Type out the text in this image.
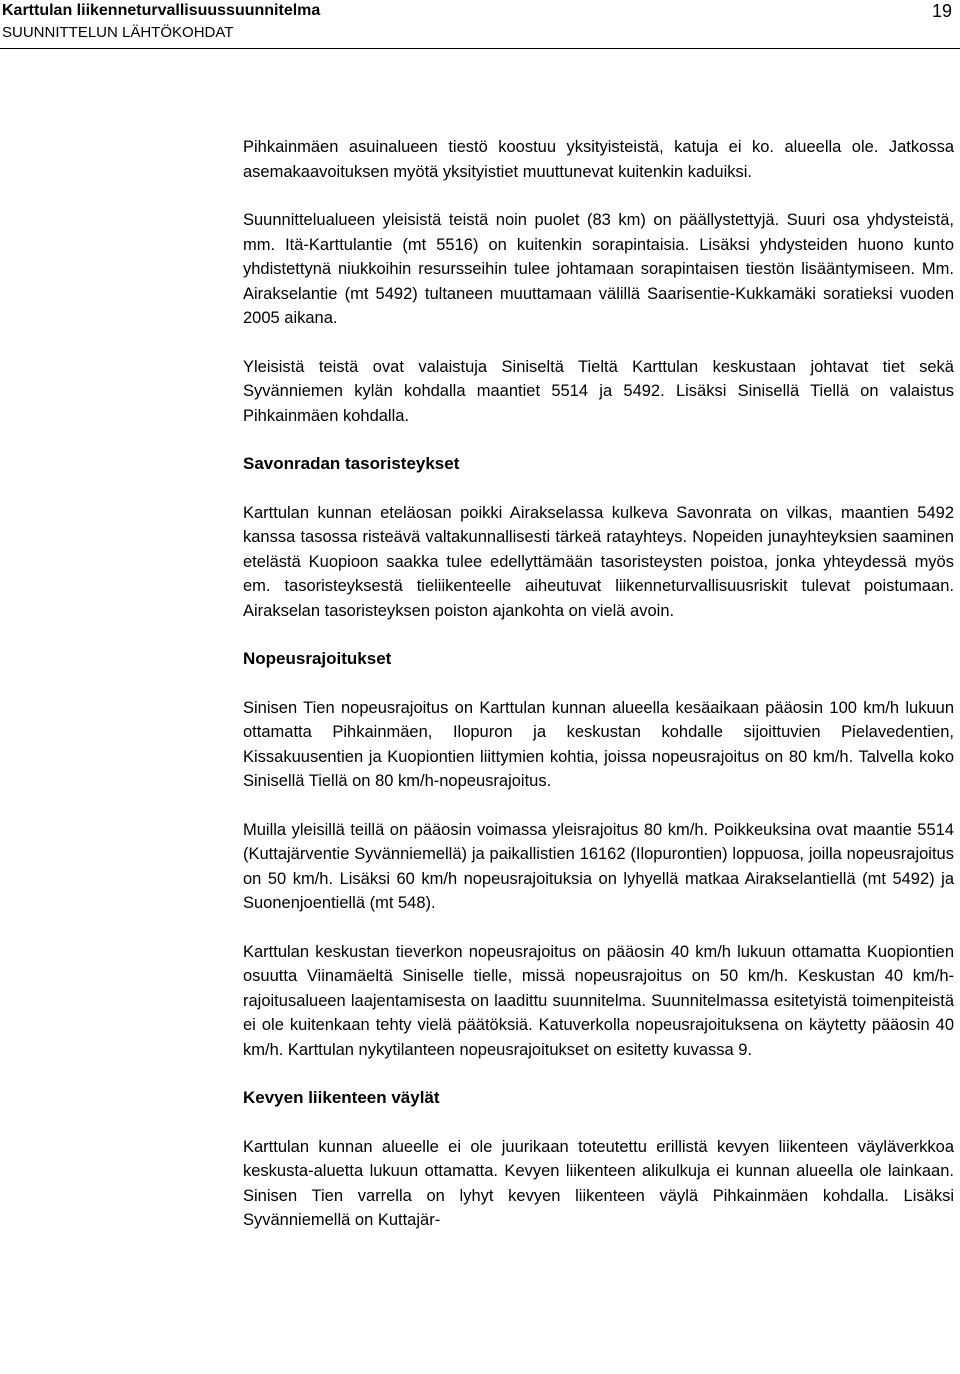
Karttulan liikenneturvallisuussuunnitelma
SUUNNITTELUN LÄHTÖKOHDAT
19

Pihkainmäen asuinalueen tiestö koostuu yksityisteistä, katuja ei ko. alueella ole. Jatkossa asemakaavoituksen myötä yksityistiet muuttunevat kuitenkin kaduiksi.

Suunnittelualueen yleisistä teistä noin puolet (83 km) on päällystettyjä. Suuri osa yhdysteistä, mm. Itä-Karttulantie (mt 5516) on kuitenkin sorapintaisia. Lisäksi yhdysteiden huono kunto yhdistettynä niukkoihin resursseihin tulee johtamaan sorapintaisen tiestön lisääntymiseen. Mm. Airakselantie (mt 5492) tultaneen muuttamaan välillä Saarisentie-Kukkamäki soratieksi vuoden 2005 aikana.

Yleisistä teistä ovat valaistuja Siniseltä Tieltä Karttulan keskustaan johtavat tiet sekä Syvänniemen kylän kohdalla maantiet 5514 ja 5492. Lisäksi Sinisellä Tiellä on valaistus Pihkainmäen kohdalla.

Savonradan tasoristeykset

Karttulan kunnan eteläosan poikki Airakselassa kulkeva Savonrata on vilkas, maantien 5492 kanssa tasossa risteävä valtakunnallisesti tärkeä ratayhteys. Nopeiden junayhteyksien saaminen etelästä Kuopioon saakka tulee edellyttämään tasoristeysten poistoa, jonka yhteydessä myös em. tasoristeyksestä tieliikenteelle aiheutuvat liikenneturvallisuusriskit tulevat poistumaan. Airakselan tasoristeyksen poiston ajankohta on vielä avoin.

Nopeusrajoitukset

Sinisen Tien nopeusrajoitus on Karttulan kunnan alueella kesäaikaan pääosin 100 km/h lukuun ottamatta Pihkainmäen, Ilopuron ja keskustan kohdalle sijoittuvien Pielavedentien, Kissakuusentien ja Kuopiontien liittymien kohtia, joissa nopeusrajoitus on 80 km/h. Talvella koko Sinisellä Tiellä on 80 km/h-nopeusrajoitus.

Muilla yleisillä teillä on pääosin voimassa yleisrajoitus 80 km/h. Poikkeuksina ovat maantie 5514 (Kuttajärventie Syvänniemellä) ja paikallistien 16162 (Ilopurontien) loppuosa, joilla nopeusrajoitus on 50 km/h. Lisäksi 60 km/h nopeusrajoituksia on lyhyellä matkaa Airakselantiellä (mt 5492) ja Suonenjoentiellä (mt 548).

Karttulan keskustan tieverkon nopeusrajoitus on pääosin 40 km/h lukuun ottamatta Kuopiontien osuutta Viinamäeltä Siniselle tielle, missä nopeusrajoitus on 50 km/h. Keskustan 40 km/h- rajoitusalueen laajentamisesta on laadittu suunnitelma. Suunnitelmassa esitetyistä toimenpiteistä ei ole kuitenkaan tehty vielä päätöksiä. Katuverkolla nopeusrajoituksena on käytetty pääosin 40 km/h. Karttulan nykytilanteen nopeusrajoitukset on esitetty kuvassa 9.

Kevyen liikenteen väylät

Karttulan kunnan alueelle ei ole juurikaan toteutettu erillistä kevyen liikenteen väyläverkkoa keskusta-aluetta lukuun ottamatta. Kevyen liikenteen alikulkuja ei kunnan alueella ole lainkaan. Sinisen Tien varrella on lyhyt kevyen liikenteen väylä Pihkainmäen kohdalla. Lisäksi Syvänniemellä on Kuttajär-
